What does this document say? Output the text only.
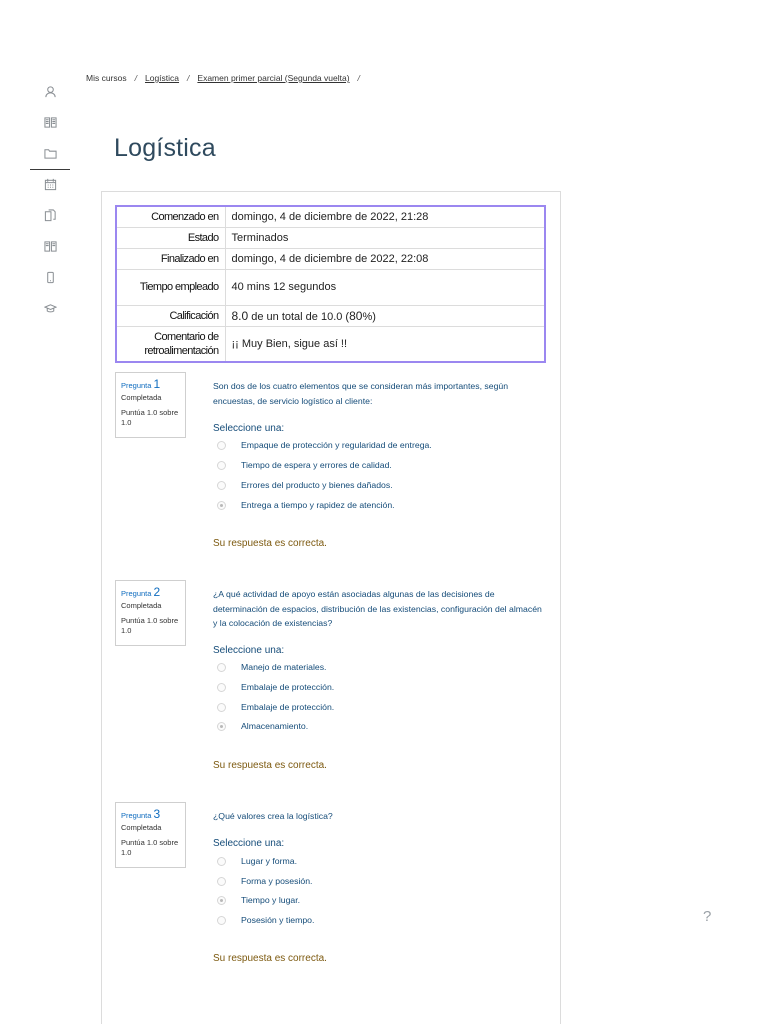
Mis cursos / Logística / Examen primer parcial (Segunda vuelta) /
Logística
Comenzado en	domingo, 4 de diciembre de 2022, 21:28
Estado	Terminados
Finalizado en	domingo, 4 de diciembre de 2022, 22:08
Tiempo empleado	40 mins 12 segundos
Calificación	8.0 de un total de 10.0 (80%)
Comentario de retroalimentación	¡¡ Muy Bien, sigue así !!
Pregunta 1
Completada
Puntúa 1.0 sobre 1.0
Son dos de los cuatro elementos que se consideran más importantes, según encuestas, de servicio logístico al cliente:
Seleccione una:
Empaque de protección y regularidad de entrega.
Tiempo de espera y errores de calidad.
Errores del producto y bienes dañados.
Entrega a tiempo y rapidez de atención.
Su respuesta es correcta.
Pregunta 2
Completada
Puntúa 1.0 sobre 1.0
¿A qué actividad de apoyo están asociadas algunas de las decisiones de determinación de espacios, distribución de las existencias, configuración del almacén y la colocación de existencias?
Seleccione una:
Manejo de materiales.
Embalaje de protección.
Embalaje de protección.
Almacenamiento.
Su respuesta es correcta.
Pregunta 3
Completada
Puntúa 1.0 sobre 1.0
¿Qué valores crea la logística?
Seleccione una:
Lugar y forma.
Forma y posesión.
Tiempo y lugar.
Posesión y tiempo.
Su respuesta es correcta.
?
